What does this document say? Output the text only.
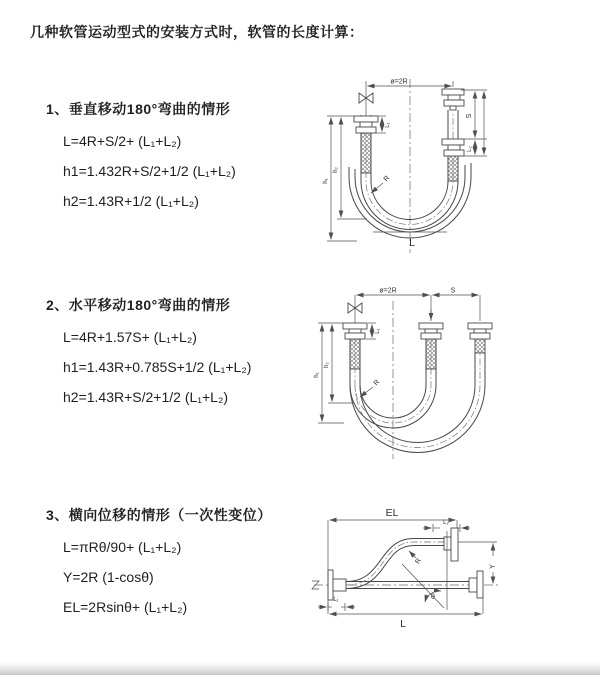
几种软管运动型式的安装方式时，软管的长度计算：
1、垂直移动180°弯曲的情形
L=4R+S/2+ (L₁+L₂)
h1=1.432R+S/2+1/2 (L₁+L₂)
h2=1.43R+1/2 (L₁+L₂)
2、水平移动180°弯曲的情形
L=4R+1.57S+ (L₁+L₂)
h1=1.43R+0.785S+1/2 (L₁+L₂)
h2=1.43R+S/2+1/2 (L₁+L₂)
3、横向位移的情形（一次性变位）
L=πRθ/90+ (L₁+L₂)
Y=2R (1-cosθ)
EL=2Rsinθ+ (L₁+L₂)
ø=2R
S
L₂
L₁
h₁
h₂
R
L
ø=2R	S
h₁
h₂
L₁
R
EL
L₂
R
Y
θ
L
L₁
